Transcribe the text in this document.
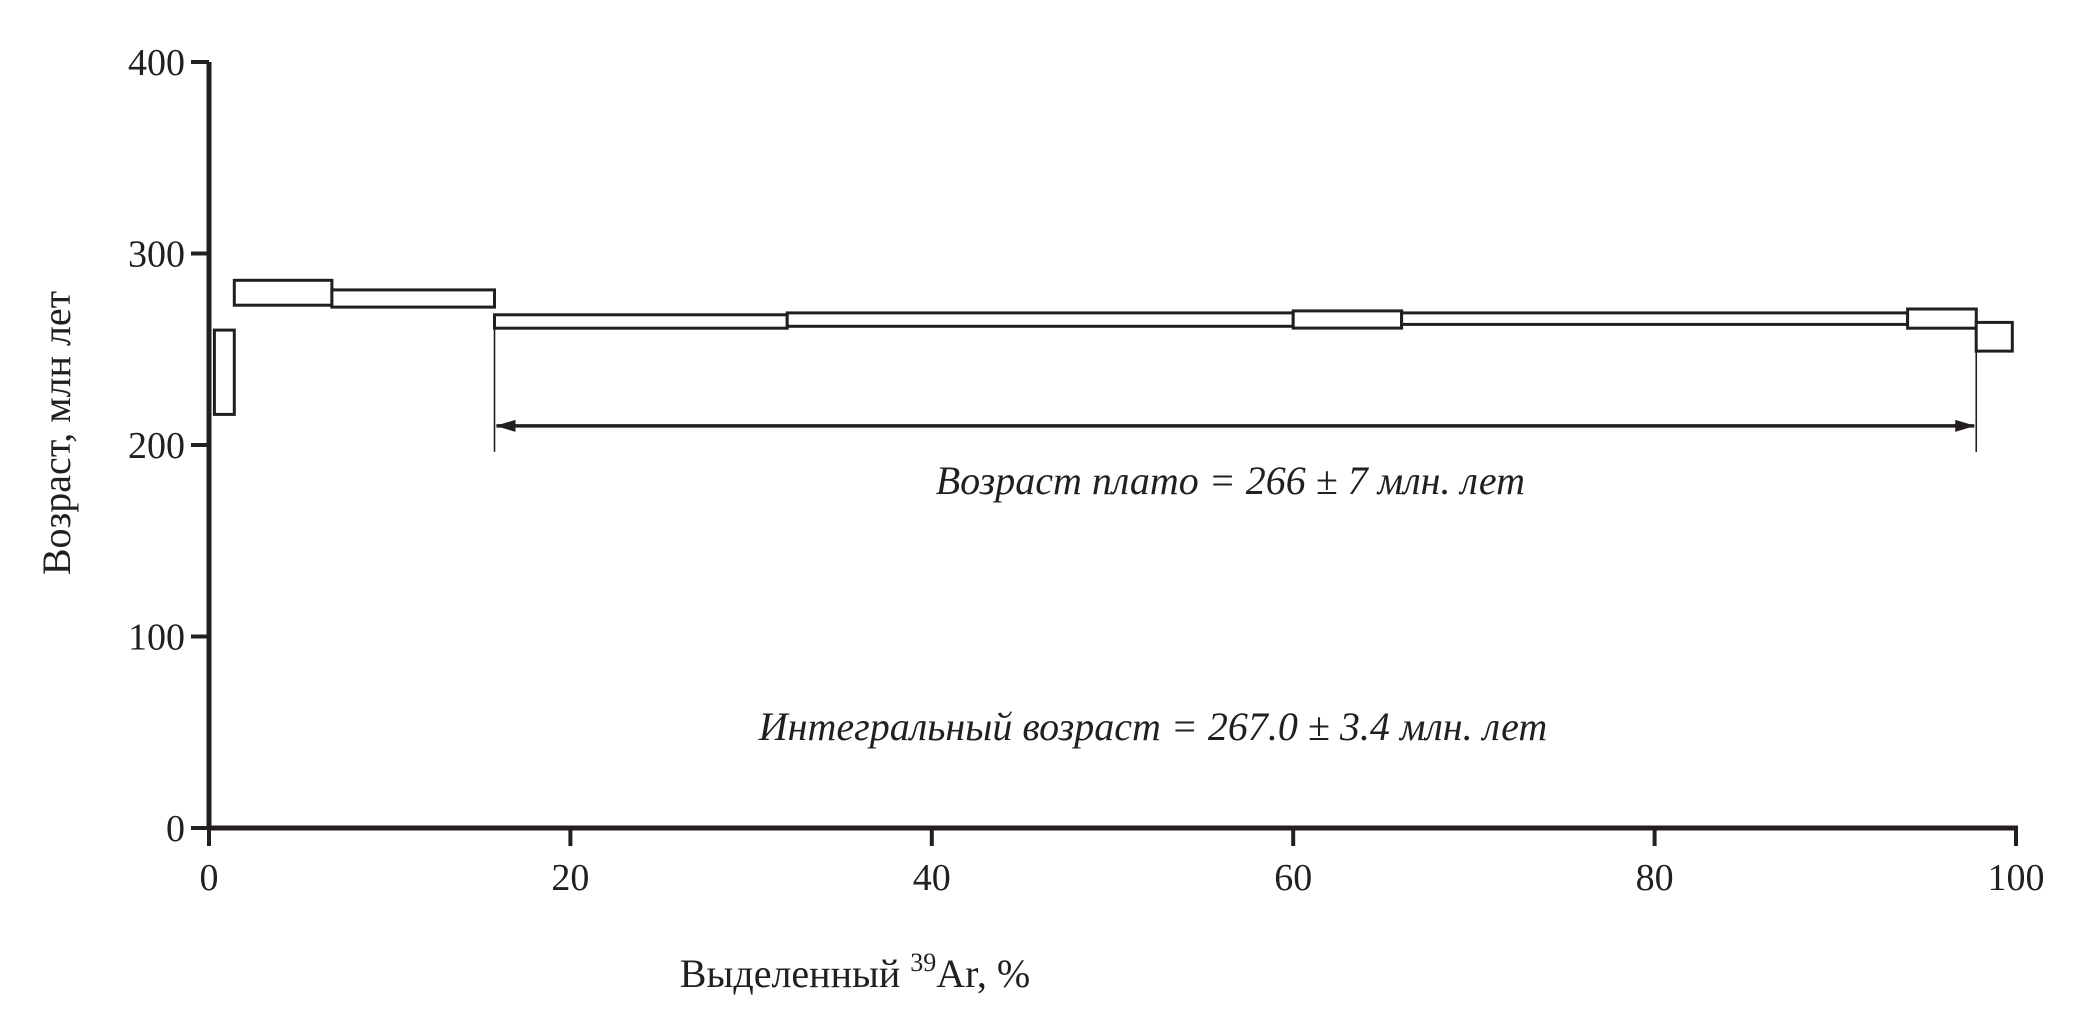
0
100
200
300
400
0	20	40	60	80	100
Возраст плато = 266 ± 7 млн. лет
Интегральный возраст = 267.0 ± 3.4 млн. лет
Выделенный $^{39}$Ar, %
Возраст, млн лет
